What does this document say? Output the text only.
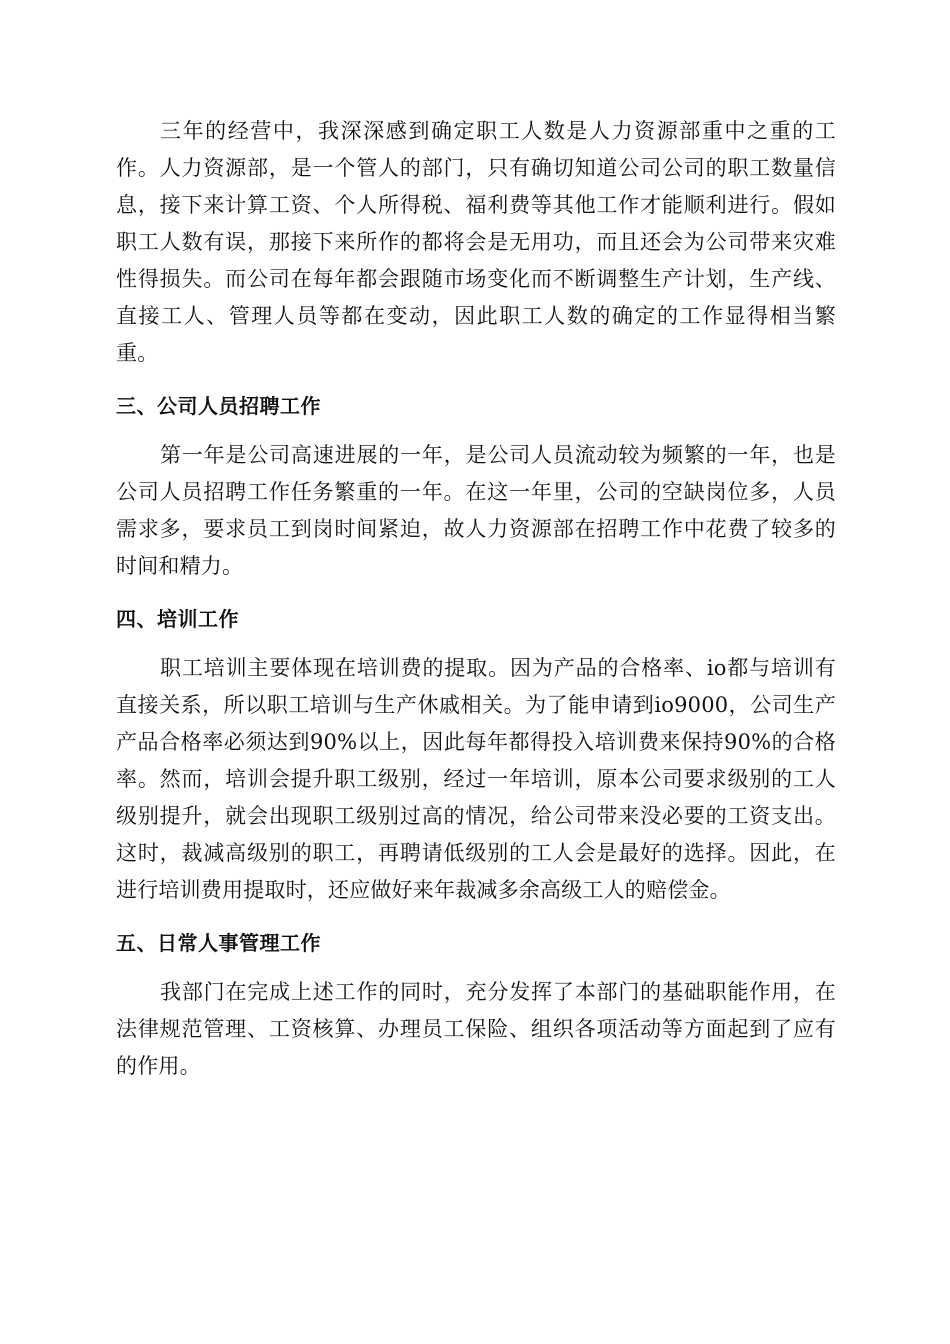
三年的经营中，我深深感到确定职工人数是人力资源部重中之重的工作。人力资源部，是一个管人的部门，只有确切知道公司公司的职工数量信息，接下来计算工资、个人所得税、福利费等其他工作才能顺利进行。假如职工人数有误，那接下来所作的都将会是无用功，而且还会为公司带来灾难性得损失。而公司在每年都会跟随市场变化而不断调整生产计划，生产线、直接工人、管理人员等都在变动，因此职工人数的确定的工作显得相当繁重。

三、公司人员招聘工作

第一年是公司高速进展的一年，是公司人员流动较为频繁的一年，也是公司人员招聘工作任务繁重的一年。在这一年里，公司的空缺岗位多，人员需求多，要求员工到岗时间紧迫，故人力资源部在招聘工作中花费了较多的时间和精力。

四、培训工作

职工培训主要体现在培训费的提取。因为产品的合格率、io都与培训有直接关系，所以职工培训与生产休戚相关。为了能申请到io9000，公司生产产品合格率必须达到90%以上，因此每年都得投入培训费来保持90%的合格率。然而，培训会提升职工级别，经过一年培训，原本公司要求级别的工人级别提升，就会出现职工级别过高的情况，给公司带来没必要的工资支出。这时，裁减高级别的职工，再聘请低级别的工人会是最好的选择。因此，在进行培训费用提取时，还应做好来年裁减多余高级工人的赔偿金。

五、日常人事管理工作

我部门在完成上述工作的同时，充分发挥了本部门的基础职能作用，在法律规范管理、工资核算、办理员工保险、组织各项活动等方面起到了应有的作用。
